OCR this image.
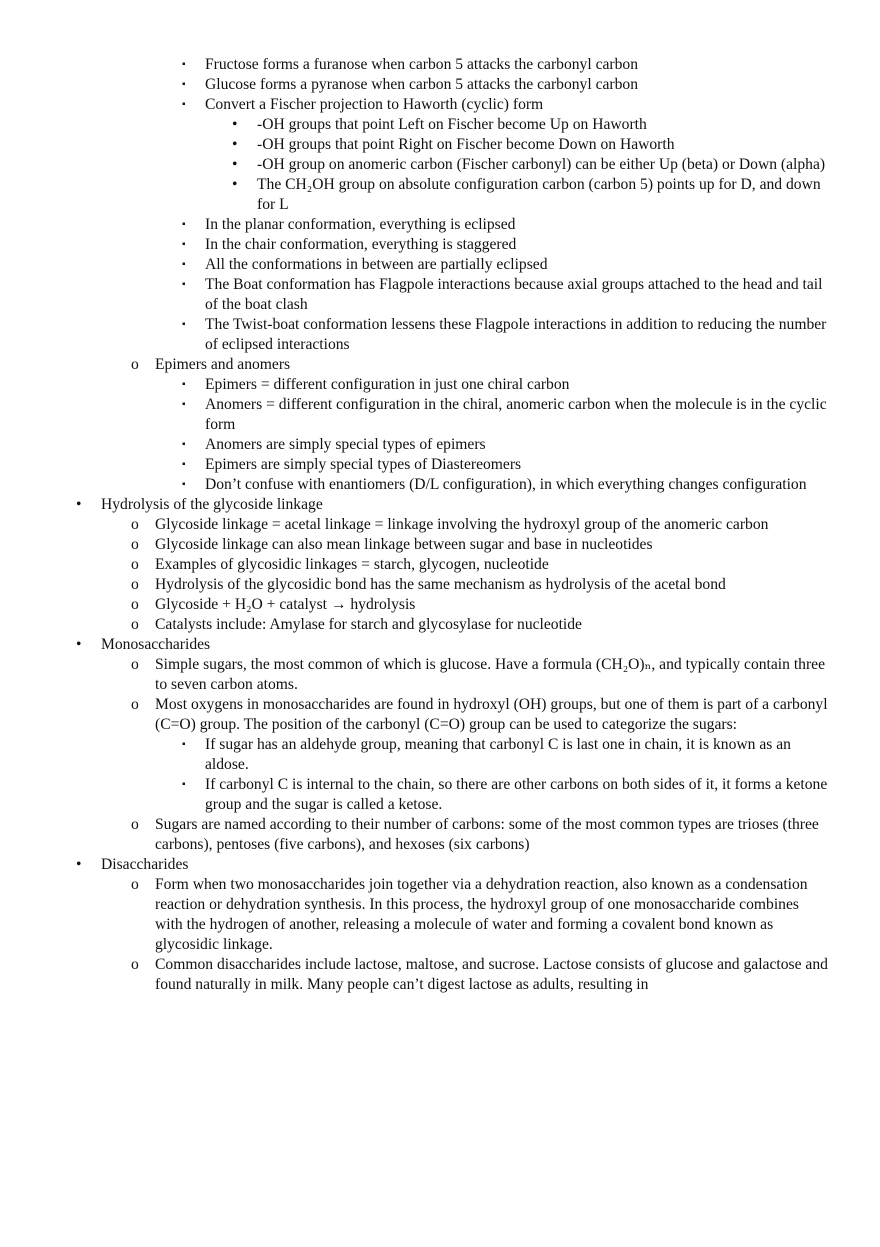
▪ Fructose forms a furanose when carbon 5 attacks the carbonyl carbon
▪ Glucose forms a pyranose when carbon 5 attacks the carbonyl carbon
▪ Convert a Fischer projection to Haworth (cyclic) form
• -OH groups that point Left on Fischer become Up on Haworth
• -OH groups that point Right on Fischer become Down on Haworth
• -OH group on anomeric carbon (Fischer carbonyl) can be either Up (beta) or Down (alpha)
• The CH₂OH group on absolute configuration carbon (carbon 5) points up for D, and down for L
▪ In the planar conformation, everything is eclipsed
▪ In the chair conformation, everything is staggered
▪ All the conformations in between are partially eclipsed
▪ The Boat conformation has Flagpole interactions because axial groups attached to the head and tail of the boat clash
▪ The Twist-boat conformation lessens these Flagpole interactions in addition to reducing the number of eclipsed interactions
o Epimers and anomers
▪ Epimers = different configuration in just one chiral carbon
▪ Anomers = different configuration in the chiral, anomeric carbon when the molecule is in the cyclic form
▪ Anomers are simply special types of epimers
▪ Epimers are simply special types of Diastereomers
▪ Don’t confuse with enantiomers (D/L configuration), in which everything changes configuration
• Hydrolysis of the glycoside linkage
o Glycoside linkage = acetal linkage = linkage involving the hydroxyl group of the anomeric carbon
o Glycoside linkage can also mean linkage between sugar and base in nucleotides
o Examples of glycosidic linkages = starch, glycogen, nucleotide
o Hydrolysis of the glycosidic bond has the same mechanism as hydrolysis of the acetal bond
o Glycoside + H₂O + catalyst → hydrolysis
o Catalysts include: Amylase for starch and glycosylase for nucleotide
• Monosaccharides
o Simple sugars, the most common of which is glucose. Have a formula (CH₂O)ₙ, and typically contain three to seven carbon atoms.
o Most oxygens in monosaccharides are found in hydroxyl (OH) groups, but one of them is part of a carbonyl (C=O) group. The position of the carbonyl (C=O) group can be used to categorize the sugars:
▪ If sugar has an aldehyde group, meaning that carbonyl C is last one in chain, it is known as an aldose.
▪ If carbonyl C is internal to the chain, so there are other carbons on both sides of it, it forms a ketone group and the sugar is called a ketose.
o Sugars are named according to their number of carbons: some of the most common types are trioses (three carbons), pentoses (five carbons), and hexoses (six carbons)
• Disaccharides
o Form when two monosaccharides join together via a dehydration reaction, also known as a condensation reaction or dehydration synthesis. In this process, the hydroxyl group of one monosaccharide combines with the hydrogen of another, releasing a molecule of water and forming a covalent bond known as glycosidic linkage.
o Common disaccharides include lactose, maltose, and sucrose. Lactose consists of glucose and galactose and found naturally in milk. Many people can’t digest lactose as adults, resulting in
